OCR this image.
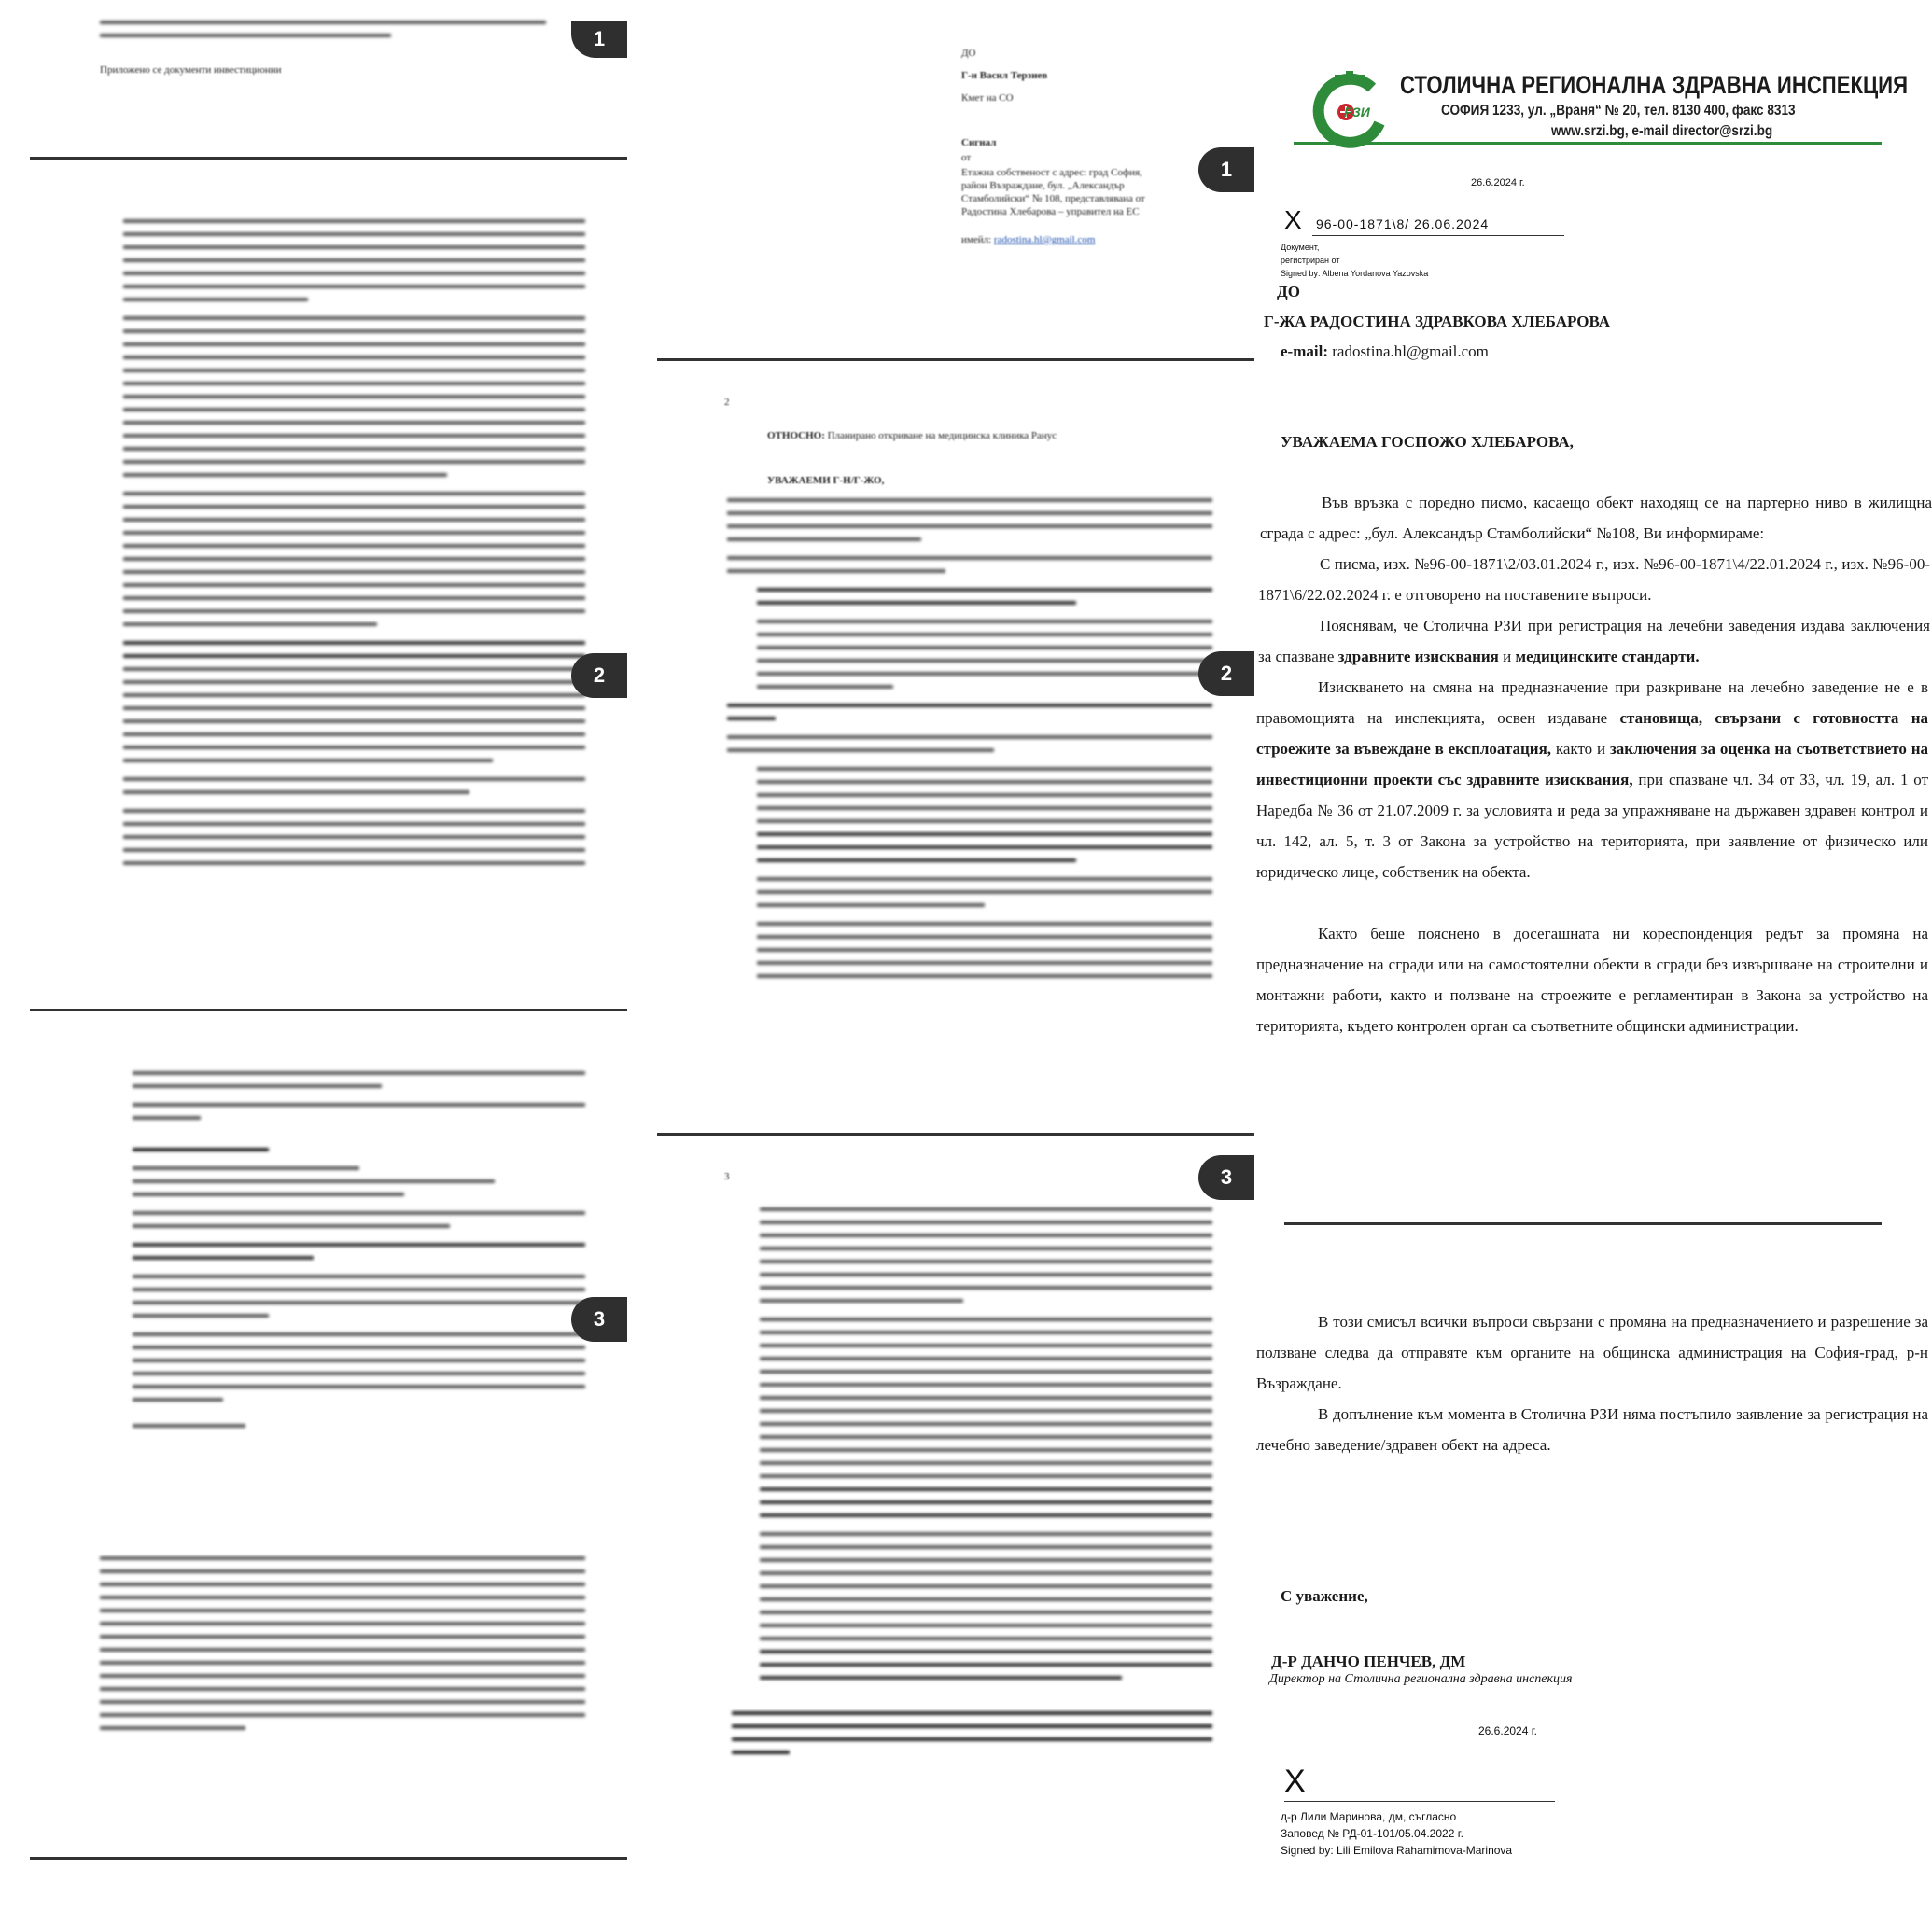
Приложено се документи инвестиционни
1
2
3
ДО
Г-н Васил Терзиев
Кмет на СО
Сигнал
от
Етажна собственост с адрес: град София,
район Възраждане, бул. „Александър
Стамболийски“ № 108, представлявана от
Радостина Хлебарова – управител на ЕС
имейл: radostina.hl@gmail.com
1
2
ОТНОСНО: Планирано откриване на медицинска клиника Ранус
УВАЖАЕМИ Г-Н/Г-ЖО,
2
3	3
РЗИ
СТОЛИЧНА РЕГИОНАЛНА ЗДРАВНА ИНСПЕКЦИЯ
СОФИЯ 1233, ул. „Враня“ № 20, тел. 8130 400, факс 8313
www.srzi.bg, e-mail director@srzi.bg
26.6.2024 г.
X 96-00-1871\8/ 26.06.2024
Документ,
регистриран от
Signed by: Albena Yordanova Yazovska
ДО
Г-ЖА РАДОСТИНА ЗДРАВКОВА ХЛЕБАРОВА
e-mail: radostina.hl@gmail.com
УВАЖАЕМА ГОСПОЖО ХЛЕБАРОВА,
Във връзка с поредно писмо, касаещо обект находящ се на партерно ниво в жилищна сграда с адрес: „бул. Александър Стамболийски“ №108, Ви информираме:
С писма, изх. №96-00-1871\2/03.01.2024 г., изх. №96-00-1871\4/22.01.2024 г., изх. №96-00-1871\6/22.02.2024 г. е отговорено на поставените въпроси.
Пояснявам, че Столична РЗИ при регистрация на лечебни заведения издава заключения за спазване здравните изисквания и медицинските стандарти.
Изискването на смяна на предназначение при разкриване на лечебно заведение не е в правомощията на инспекцията, освен издаване становища, свързани с готовността на строежите за въвеждане в експлоатация, както и заключения за оценка на съответствието на инвестиционни проекти със здравните изисквания, при спазване чл. 34 от ЗЗ, чл. 19, ал. 1 от Наредба № 36 от 21.07.2009 г. за условията и реда за упражняване на държавен здравен контрол и чл. 142, ал. 5, т. 3 от Закона за устройство на територията, при заявление от физическо или юридическо лице, собственик на обекта.
Както беше пояснено в досегашната ни кореспонденция редът за промяна на предназначение на сгради или на самостоятелни обекти в сгради без извършване на строителни и монтажни работи, както и ползване на строежите е регламентиран в Закона за устройство на територията, където контролен орган са съответните общински администрации.
В този смисъл всички въпроси свързани с промяна на предназначението и разрешение за ползване следва да отправяте към органите на общинска администрация на София-град, р-н Възраждане.
В допълнение към момента в Столична РЗИ няма постъпило заявление за регистрация на лечебно заведение/здравен обект на адреса.
С уважение,
Д-Р ДАНЧО ПЕНЧЕВ, ДМ
Директор на Столична регионална здравна инспекция
26.6.2024 г.
X
д-р Лили Маринова, дм, съгласно
Заповед № РД-01-101/05.04.2022 г.
Signed by: Lili Emilova Rahamimova-Marinova
